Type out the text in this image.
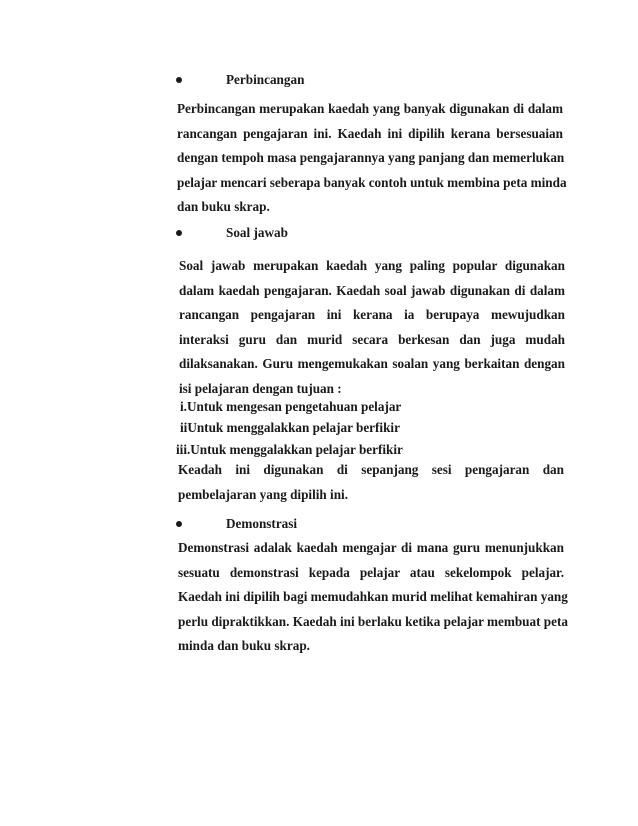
Perbincangan
Perbincangan merupakan kaedah yang banyak digunakan di dalam
rancangan pengajaran ini. Kaedah ini dipilih kerana bersesuaian
dengan tempoh masa pengajarannya yang panjang dan memerlukan
pelajar mencari seberapa banyak contoh untuk membina peta minda
dan buku skrap.
Soal jawab
Soal jawab merupakan kaedah yang paling popular digunakan
dalam kaedah pengajaran. Kaedah soal jawab digunakan di dalam
rancangan pengajaran ini kerana ia berupaya mewujudkan
interaksi guru dan murid secara berkesan dan juga mudah
dilaksanakan. Guru mengemukakan soalan yang berkaitan dengan
isi pelajaran dengan tujuan :
i.Untuk mengesan pengetahuan pelajar
iiUntuk menggalakkan pelajar berfikir
iii.Untuk menggalakkan pelajar berfikir
Keadah ini digunakan di sepanjang sesi pengajaran dan
pembelajaran yang dipilih ini.
Demonstrasi
Demonstrasi adalak kaedah mengajar di mana guru menunjukkan
sesuatu demonstrasi kepada pelajar atau sekelompok pelajar.
Kaedah ini dipilih bagi memudahkan murid melihat kemahiran yang
perlu dipraktikkan. Kaedah ini berlaku ketika pelajar membuat peta
minda dan buku skrap.
